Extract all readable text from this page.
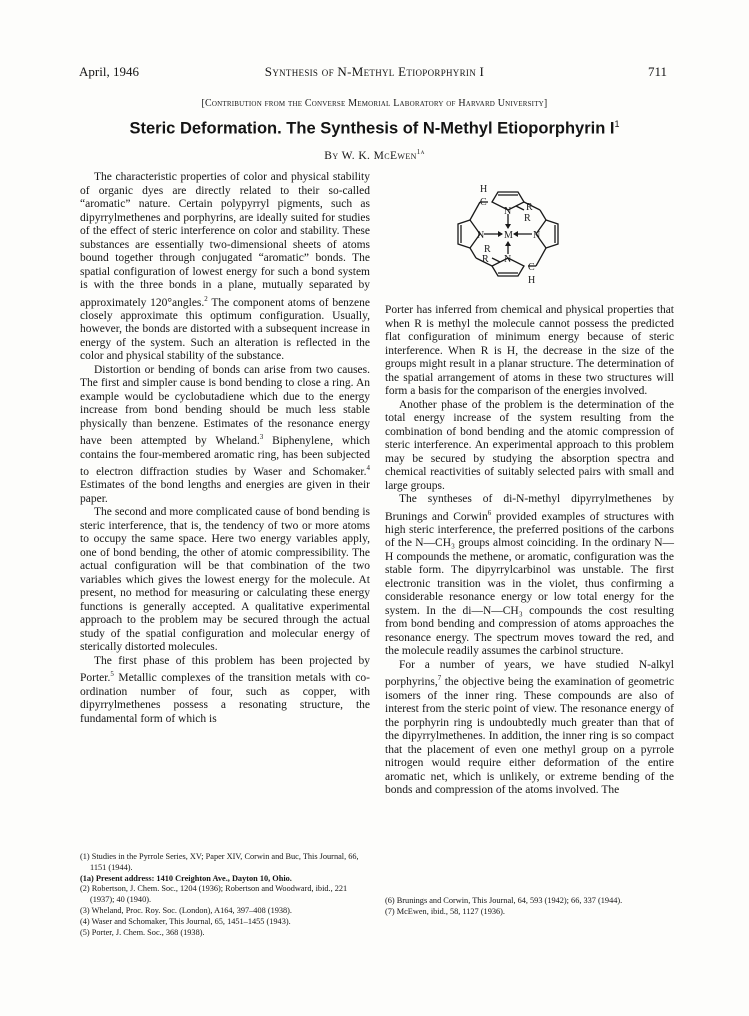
April, 1946	Synthesis of N-Methyl Etioporphyrin I	711
[Contribution from the Converse Memorial Laboratory of Harvard University]
Steric Deformation. The Synthesis of N-Methyl Etioporphyrin $I^1$
By W. K. McEwen$^{1a}$

The characteristic properties of color and physical stability of organic dyes are directly related to their so-called “aromatic” nature. Certain polypyrryl pigments, such as dipyrrylmethenes and porphyrins, are ideally suited for studies of the effect of steric interference on color and stability. These substances are essentially two-dimensional sheets of atoms bound together through conjugated “aromatic” bonds. The spatial configuration of lowest energy for such a bond system is with the three bonds in a plane, mutually separated by approximately 120°angles.$^2$ The component atoms of benzene closely approximate this optimum configuration. Usually, however, the bonds are distorted with a subsequent increase in energy of the system. Such an alteration is reflected in the color and physical stability of the substance.

Distortion or bending of bonds can arise from two causes. The first and simpler cause is bond bending to close a ring. An example would be cyclobutadiene which due to the energy increase from bond bending should be much less stable physically than benzene. Estimates of the resonance energy have been attempted by Wheland.$^3$ Biphenylene, which contains the four-membered aromatic ring, has been subjected to electron diffraction studies by Waser and Schomaker.$^4$ Estimates of the bond lengths and energies are given in their paper.

The second and more complicated cause of bond bending is steric interference, that is, the tendency of two or more atoms to occupy the same space. Here two energy variables apply, one of bond bending, the other of atomic compressibility. The actual configuration will be that combination of the two variables which gives the lowest energy for the molecule. At present, no method for measuring or calculating these energy functions is generally accepted. A qualitative experimental approach to the problem may be secured through the actual study of the spatial configuration and molecular energy of sterically distorted molecules.

The first phase of this problem has been projected by Porter.$^5$ Metallic complexes of the transition metals with co-ordination number of four, such as copper, with dipyrrylmethenes possess a resonating structure, the fundamental form of which is

H
C
N R
R
N M N
R
R N
C
H

Porter has inferred from chemical and physical properties that when R is methyl the molecule cannot possess the predicted flat configuration of minimum energy because of steric interference. When R is H, the decrease in the size of the groups might result in a planar structure. The determination of the spatial arrangement of atoms in these two structures will form a basis for the comparison of the energies involved.

Another phase of the problem is the determination of the total energy increase of the system resulting from the combination of bond bending and the atomic compression of steric interference. An experimental approach to this problem may be secured by studying the absorption spectra and chemical reactivities of suitably selected pairs with small and large groups.

The syntheses of di-N-methyl dipyrrylmethenes by Brunings and Corwin$^6$ provided examples of structures with high steric interference, the preferred positions of the carbons of the N—CH₃ groups almost coinciding. In the ordinary N—H compounds the methene, or aromatic, configuration was the stable form. The dipyrrylcarbinol was unstable. The first electronic transition was in the violet, thus confirming a considerable resonance energy or low total energy for the system. In the di—N—CH₃ compounds the cost resulting from bond bending and compression of atoms approaches the resonance energy. The spectrum moves toward the red, and the molecule readily assumes the carbinol structure.

For a number of years, we have studied N-alkyl porphyrins,$^7$ the objective being the examination of geometric isomers of the inner ring. These compounds are also of interest from the steric point of view. The resonance energy of the porphyrin ring is undoubtedly much greater than that of the dipyrrylmethenes. In addition, the inner ring is so compact that the placement of even one methyl group on a pyrrole nitrogen would require either deformation of the entire aromatic net, which is unlikely, or extreme bending of the bonds and compression of the atoms involved. The

(1) Studies in the Pyrrole Series, XV; Paper XIV, Corwin and Buc, This Journal, 66, 1151 (1944).

(1a) Present address: 1410 Creighton Ave., Dayton 10, Ohio.

(2) Robertson, J. Chem. Soc., 1204 (1936); Robertson and Woodward, ibid., 221 (1937); 40 (1940).

(3) Wheland, Proc. Roy. Soc. (London), A164, 397–408 (1938).

(4) Waser and Schomaker, This Journal, 65, 1451–1455 (1943).

(5) Porter, J. Chem. Soc., 368 (1938).

(6) Brunings and Corwin, This Journal, 64, 593 (1942); 66, 337 (1944).

(7) McEwen, ibid., 58, 1127 (1936).
